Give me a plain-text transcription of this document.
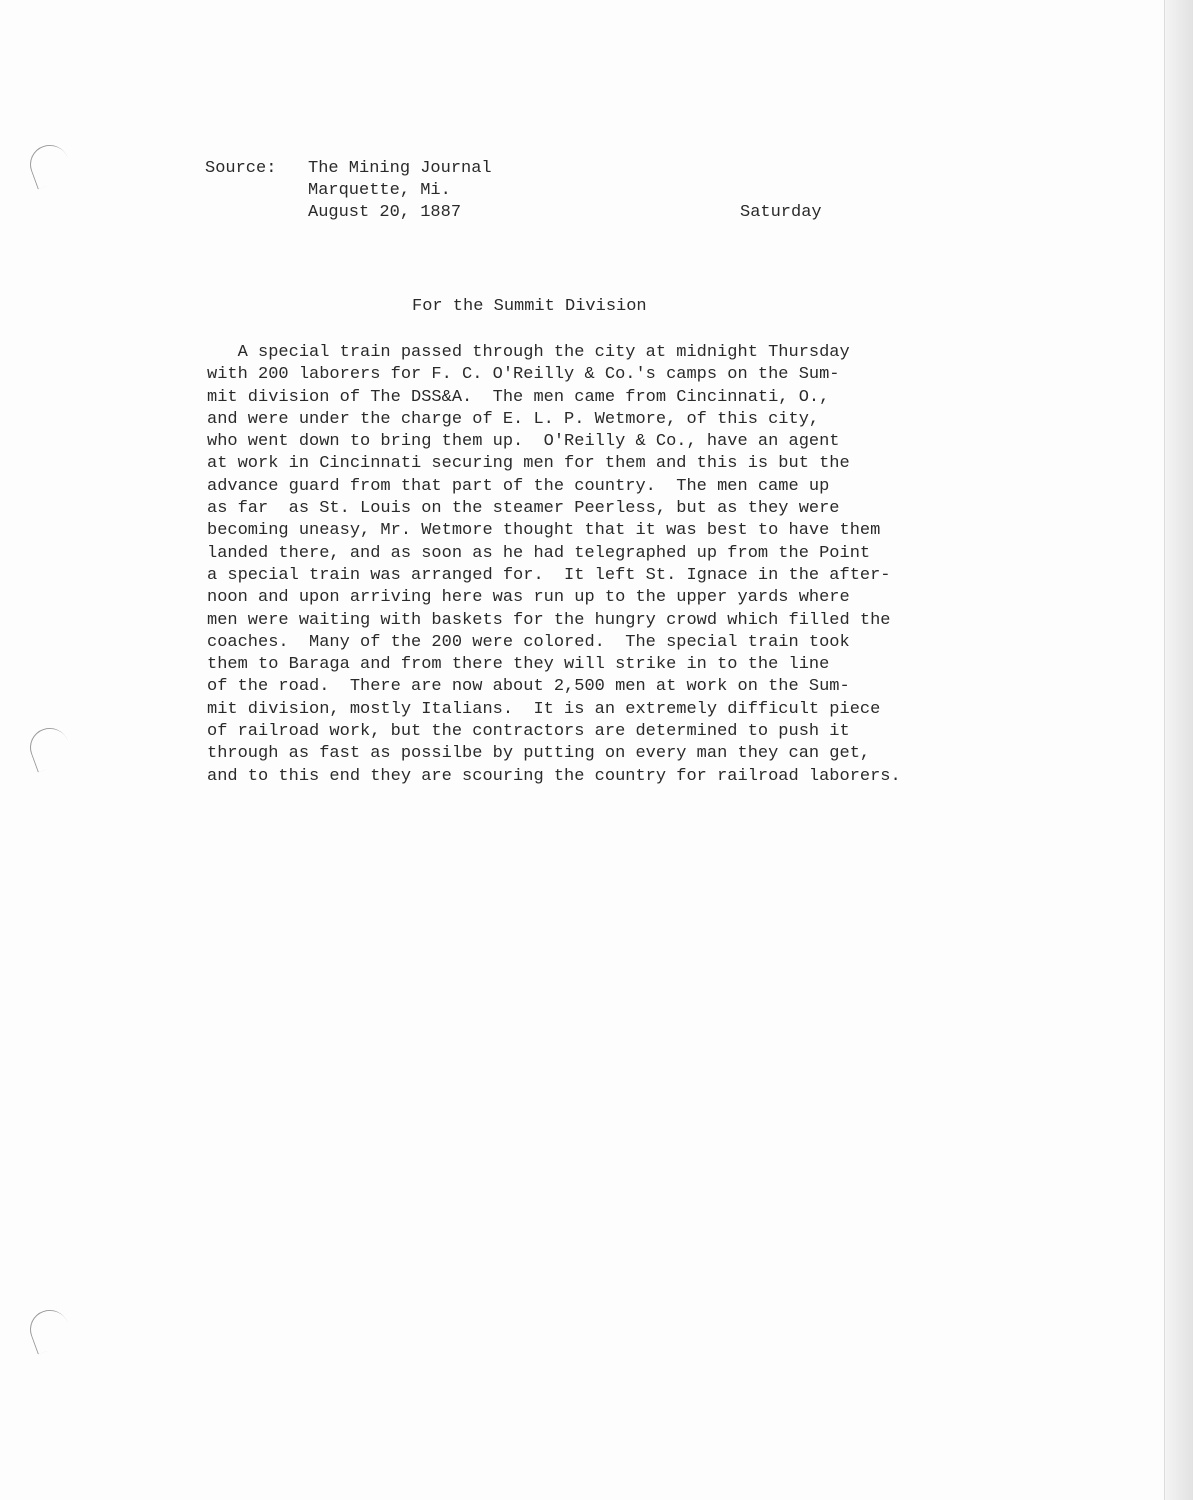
Source: The Mining Journal
Marquette, Mi.
August 20, 1887	Saturday
For the Summit Division
A special train passed through the city at midnight Thursday
with 200 laborers for F. C. O'Reilly & Co.'s camps on the Sum-
mit division of The DSS&A.  The men came from Cincinnati, O.,
and were under the charge of E. L. P. Wetmore, of this city,
who went down to bring them up.  O'Reilly & Co., have an agent
at work in Cincinnati securing men for them and this is but the
advance guard from that part of the country.  The men came up
as far  as St. Louis on the steamer Peerless, but as they were
becoming uneasy, Mr. Wetmore thought that it was best to have them
landed there, and as soon as he had telegraphed up from the Point
a special train was arranged for.  It left St. Ignace in the after-
noon and upon arriving here was run up to the upper yards where
men were waiting with baskets for the hungry crowd which filled the
coaches.  Many of the 200 were colored.  The special train took
them to Baraga and from there they will strike in to the line
of the road.  There are now about 2,500 men at work on the Sum-
mit division, mostly Italians.  It is an extremely difficult piece
of railroad work, but the contractors are determined to push it
through as fast as possilbe by putting on every man they can get,
and to this end they are scouring the country for railroad laborers.
